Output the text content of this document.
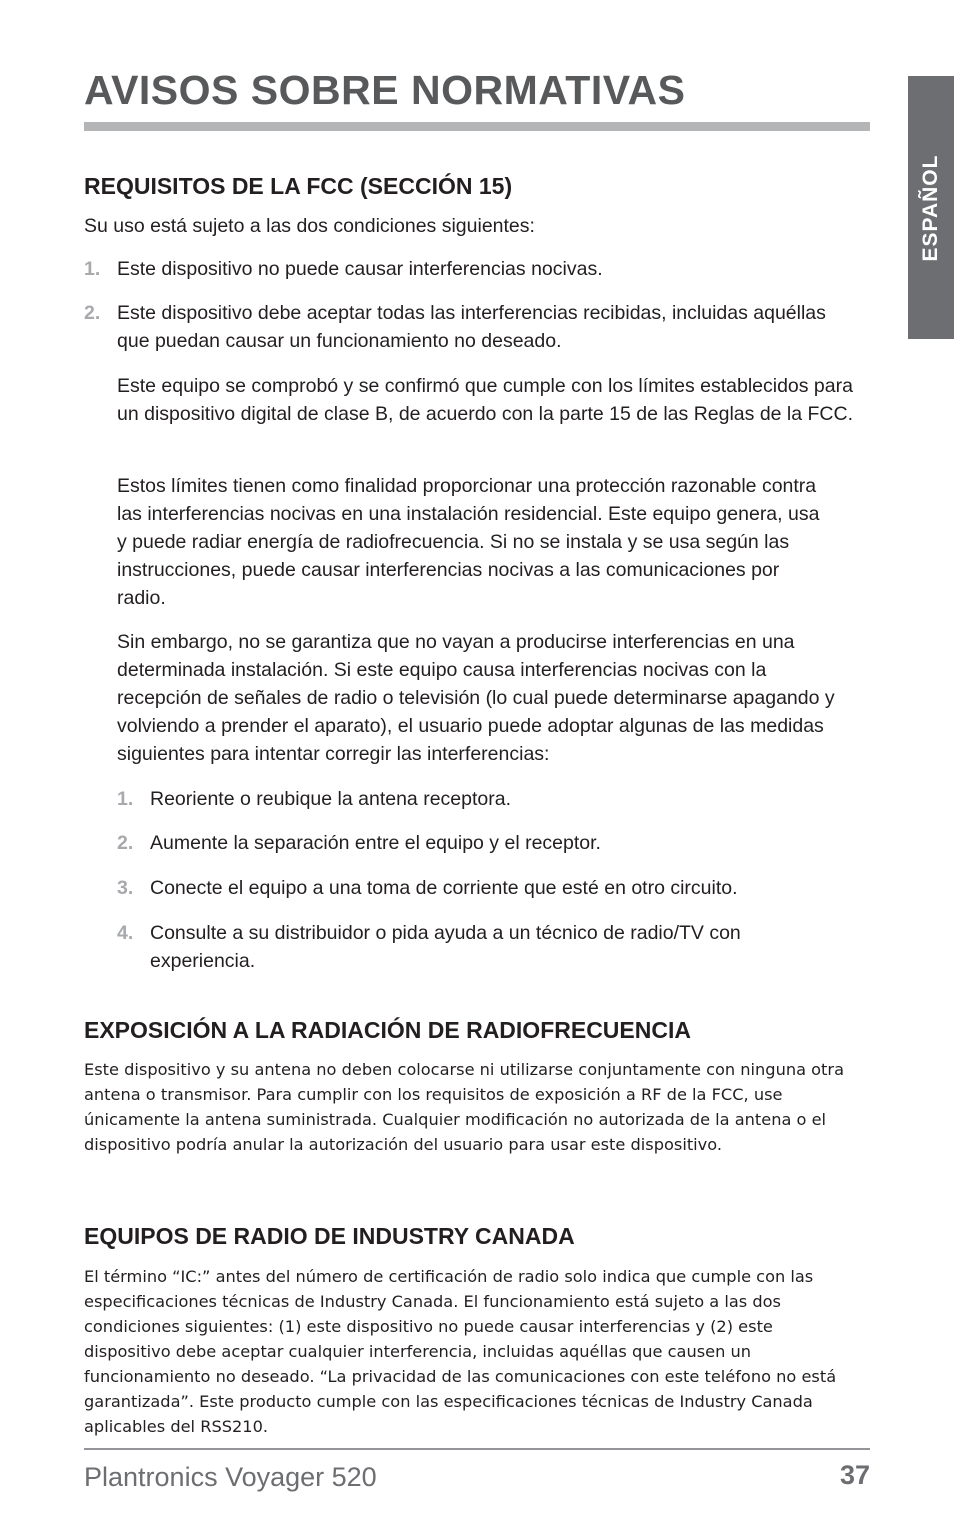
AVISOS SOBRE NORMATIVAS
ESPAÑOL
REQUISITOS DE LA FCC (SECCIÓN 15)

Su uso está sujeto a las dos condiciones siguientes:

1. Este dispositivo no puede causar interferencias nocivas.

2. Este dispositivo debe aceptar todas las interferencias recibidas, incluidas aquéllas que puedan causar un funcionamiento no deseado.

Este equipo se comprobó y se confirmó que cumple con los límites establecidos para un dispositivo digital de clase B, de acuerdo con la parte 15 de las Reglas de la FCC.

Estos límites tienen como finalidad proporcionar una protección razonable contra las interferencias nocivas en una instalación residencial. Este equipo genera, usa y puede radiar energía de radiofrecuencia. Si no se instala y se usa según las instrucciones, puede causar interferencias nocivas a las comunicaciones por radio.

Sin embargo, no se garantiza que no vayan a producirse interferencias en una determinada instalación. Si este equipo causa interferencias nocivas con la recepción de señales de radio o televisión (lo cual puede determinarse apagando y volviendo a prender el aparato), el usuario puede adoptar algunas de las medidas siguientes para intentar corregir las interferencias:

1. Reoriente o reubique la antena receptora.

2. Aumente la separación entre el equipo y el receptor.

3. Conecte el equipo a una toma de corriente que esté en otro circuito.

4. Consulte a su distribuidor o pida ayuda a un técnico de radio/TV con experiencia.

EXPOSICIÓN A LA RADIACIÓN DE RADIOFRECUENCIA

Este dispositivo y su antena no deben colocarse ni utilizarse conjuntamente con ninguna otra antena o transmisor. Para cumplir con los requisitos de exposición a RF de la FCC, use únicamente la antena suministrada. Cualquier modificación no autorizada de la antena o el dispositivo podría anular la autorización del usuario para usar este dispositivo.

EQUIPOS DE RADIO DE INDUSTRY CANADA

El término “IC:” antes del número de certificación de radio solo indica que cumple con las especificaciones técnicas de Industry Canada. El funcionamiento está sujeto a las dos condiciones siguientes: (1) este dispositivo no puede causar interferencias y (2) este dispositivo debe aceptar cualquier interferencia, incluidas aquéllas que causen un funcionamiento no deseado. “La privacidad de las comunicaciones con este teléfono no está garantizada”. Este producto cumple con las especificaciones técnicas de Industry Canada aplicables del RSS210.

Plantronics Voyager 520	37
